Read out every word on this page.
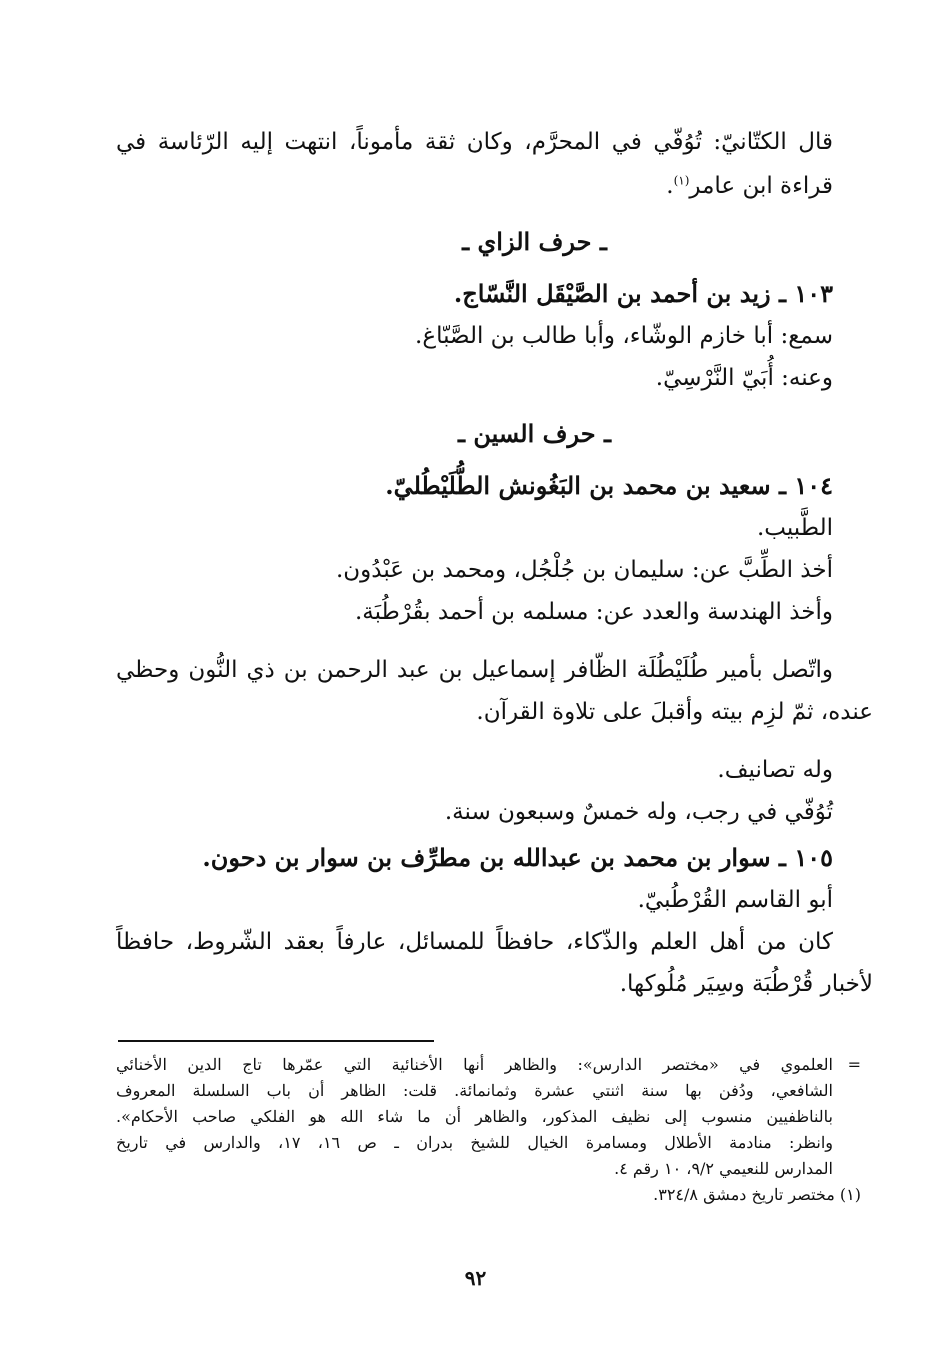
قال الكتّانيّ: تُوُفّي في المحرَّم، وكان ثقة مأموناً، انتهت إليه الرّئاسة في
قراءة ابن عامر$^{(١)}$.
ـ حرف الزاي ـ
١٠٣ ـ زيد بن أحمد بن الصَّيْقَل النَّسّاج.
سمع: أبا خازم الوشّاء، وأبا طالب بن الصَّبّاغ.
وعنه: أُبَيّ النَّرْسِيّ.
ـ حرف السين ـ
١٠٤ ـ سعيد بن محمد بن البَغُونش الطُّلَيْطُليّ.
الطَّبيب.
أخذ الطِّبَّ عن: سليمان بن جُلْجُل، ومحمد بن عَبْدُون.
وأخذ الهندسة والعدد عن: مسلمه بن أحمد بقُرْطُبَة.
واتّصل بأمير طُلَيْطُلَة الظّافر إسماعيل بن عبد الرحمن بن ذي النُّون وحظي
عنده، ثمّ لزِم بيته وأقبلَ على تلاوة القرآن.
وله تصانيف.
تُوُفّي في رجب، وله خمسٌ وسبعون سنة.
١٠٥ ـ سوار بن محمد بن عبدالله بن مطرِّف بن سوار بن دحون.
أبو القاسم القُرْطُبيّ.
كان من أهل العلم والذّكاء، حافظاً للمسائل، عارفاً بعقد الشّروط، حافظاً
لأخبار قُرْطُبَة وسِيَر مُلُوكها.
=
العلموي في «مختصر الدارس»: والظاهر أنها الأخنائية التي عمّرها تاج الدين الأخنائي
الشافعي، ودُفن بها سنة اثنتي عشرة وثمانمائة. قلت: الظاهر أن باب السلسلة المعروف
بالناظفيين منسوب إلى نظيف المذكور، والظاهر أن ما شاء الله هو الفلكي صاحب الأحكام».
وانظر: منادمة الأطلال ومسامرة الخيال للشيخ بدران ـ ص ١٦، ١٧، والدارس في تاريخ
المدارس للنعيمي ٩/٢، ١٠ رقم ٤.
(١) مختصر تاريخ دمشق ٣٢٤/٨.
٩٢
